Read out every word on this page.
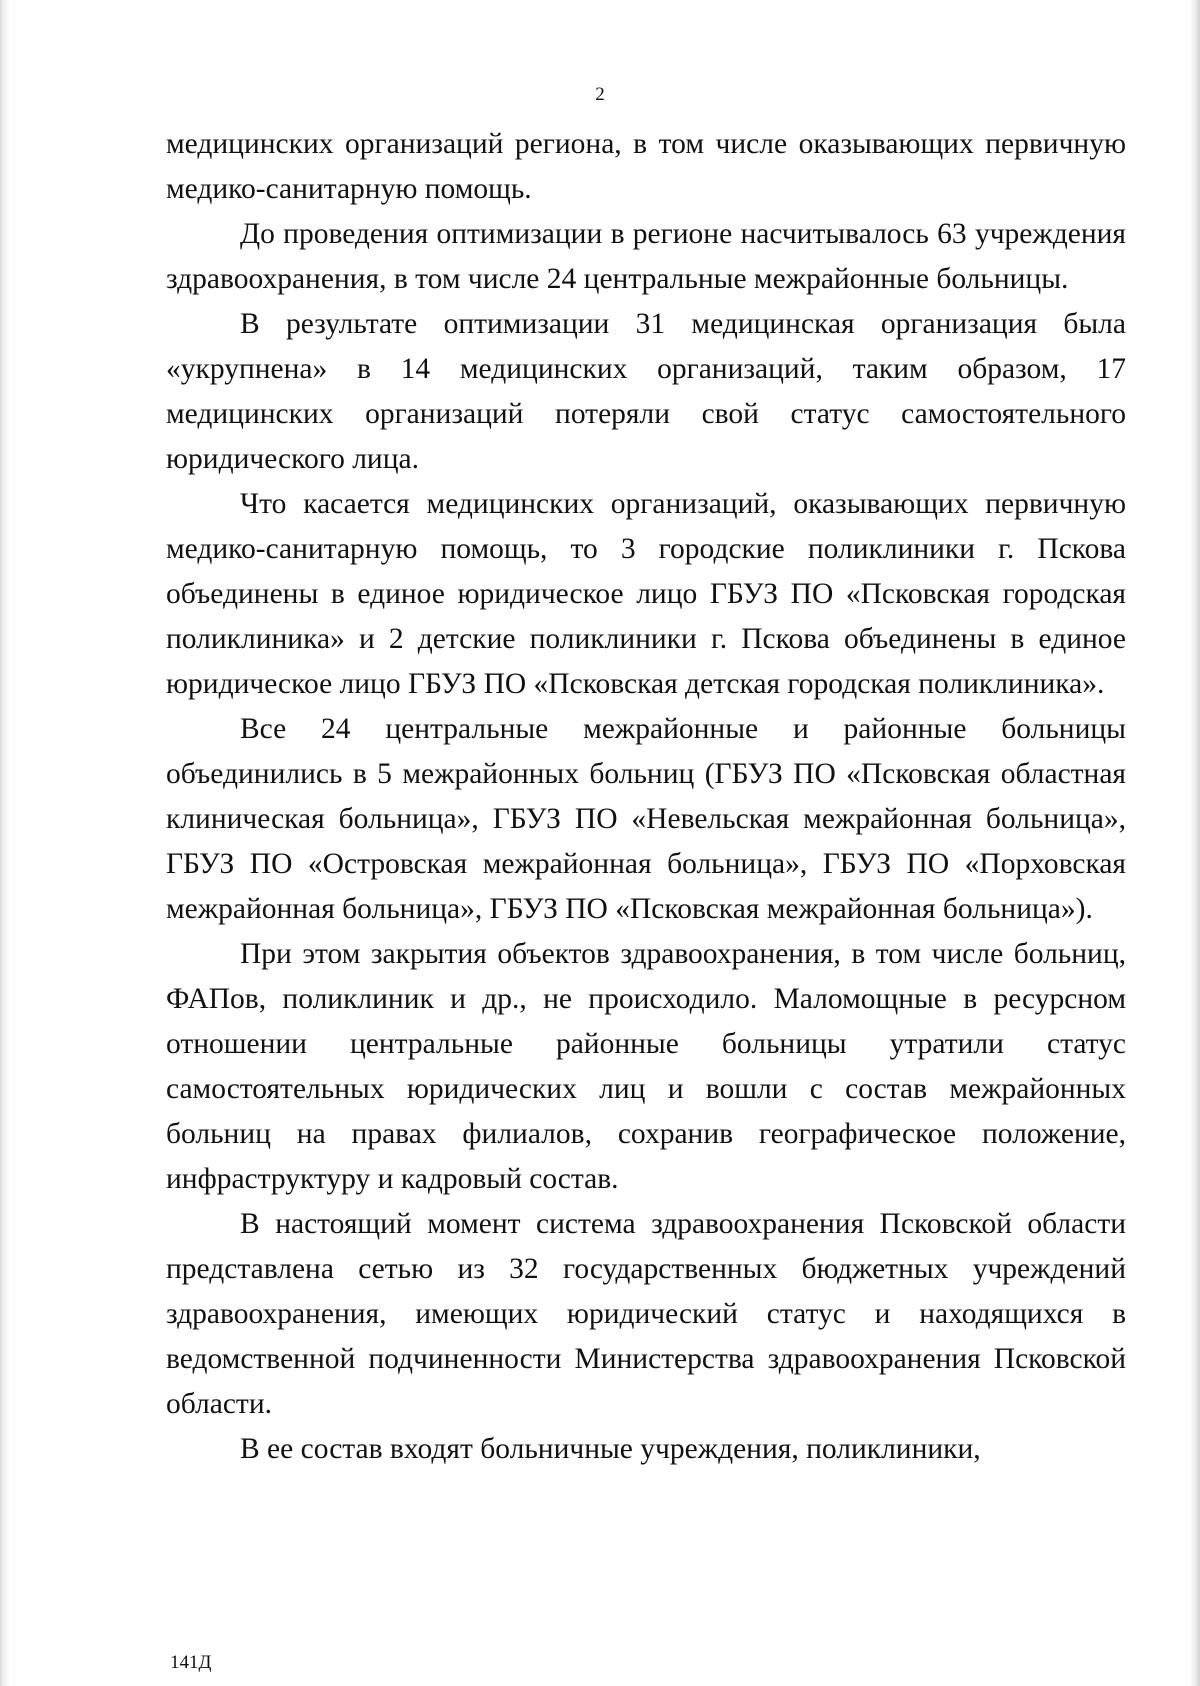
2

медицинских организаций региона, в том числе оказывающих первичную медико-санитарную помощь.

До проведения оптимизации в регионе насчитывалось 63 учреждения здравоохранения, в том числе 24 центральные межрайонные больницы.

В результате оптимизации 31 медицинская организация была «укрупнена» в 14 медицинских организаций, таким образом, 17 медицинских организаций потеряли свой статус самостоятельного юридического лица.

Что касается медицинских организаций, оказывающих первичную медико-санитарную помощь, то 3 городские поликлиники г. Пскова объединены в единое юридическое лицо ГБУЗ ПО «Псковская городская поликлиника» и 2 детские поликлиники г. Пскова объединены в единое юридическое лицо ГБУЗ ПО «Псковская детская городская поликлиника».

Все 24 центральные межрайонные и районные больницы объединились в 5 межрайонных больниц (ГБУЗ ПО «Псковская областная клиническая больница», ГБУЗ ПО «Невельская межрайонная больница», ГБУЗ ПО «Островская межрайонная больница», ГБУЗ ПО «Порховская межрайонная больница», ГБУЗ ПО «Псковская межрайонная больница»).

При этом закрытия объектов здравоохранения, в том числе больниц, ФАПов, поликлиник и др., не происходило. Маломощные в ресурсном отношении центральные районные больницы утратили статус самостоятельных юридических лиц и вошли с состав межрайонных больниц на правах филиалов, сохранив географическое положение, инфраструктуру и кадровый состав.

В настоящий момент система здравоохранения Псковской области представлена сетью из 32 государственных бюджетных учреждений здравоохранения, имеющих юридический статус и находящихся в ведомственной подчиненности Министерства здравоохранения Псковской области.

В ее состав входят больничные учреждения, поликлиники,

141Д
